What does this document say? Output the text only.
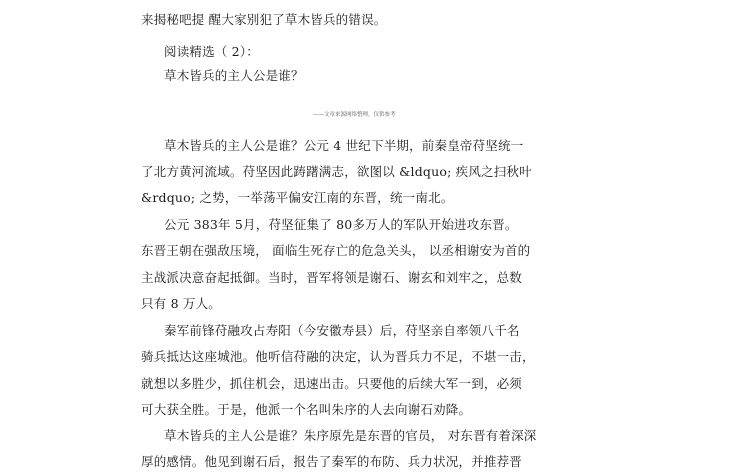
来揭秘吧提 醒大家别犯了草木皆兵的错误。
阅读精选（ 2）：
草木皆兵的主人公是谁？
——文章来源网络整理，仅供参考
草木皆兵的主人公是谁？公元 4 世纪下半期，前秦皇帝苻坚统一
了北方黄河流域。苻坚因此踌躇满志，欲图以 &ldquo; 疾风之扫秋叶
&rdquo; 之势，一举荡平偏安江南的东晋，统一南北。
公元 383年 5月，苻坚征集了 80多万人的军队开始进攻东晋。
东晋王朝在强敌压境， 面临生死存亡的危急关头， 以丞相谢安为首的
主战派决意奋起抵御。当时，晋军将领是谢石、谢玄和刘牢之，总数
只有 8 万人。
秦军前锋苻融攻占寿阳（今安徽寿县）后，苻坚亲自率领八千名
骑兵抵达这座城池。他听信苻融的决定，认为晋兵力不足，不堪一击，
就想以多胜少，抓住机会，迅速出击。只要他的后续大军一到，必须
可大获全胜。于是，他派一个名叫朱序的人去向谢石劝降。
草木皆兵的主人公是谁？朱序原先是东晋的官员， 对东晋有着深深
厚的感情。他见到谢石后，报告了秦军的布防、兵力状况，并推荐晋
